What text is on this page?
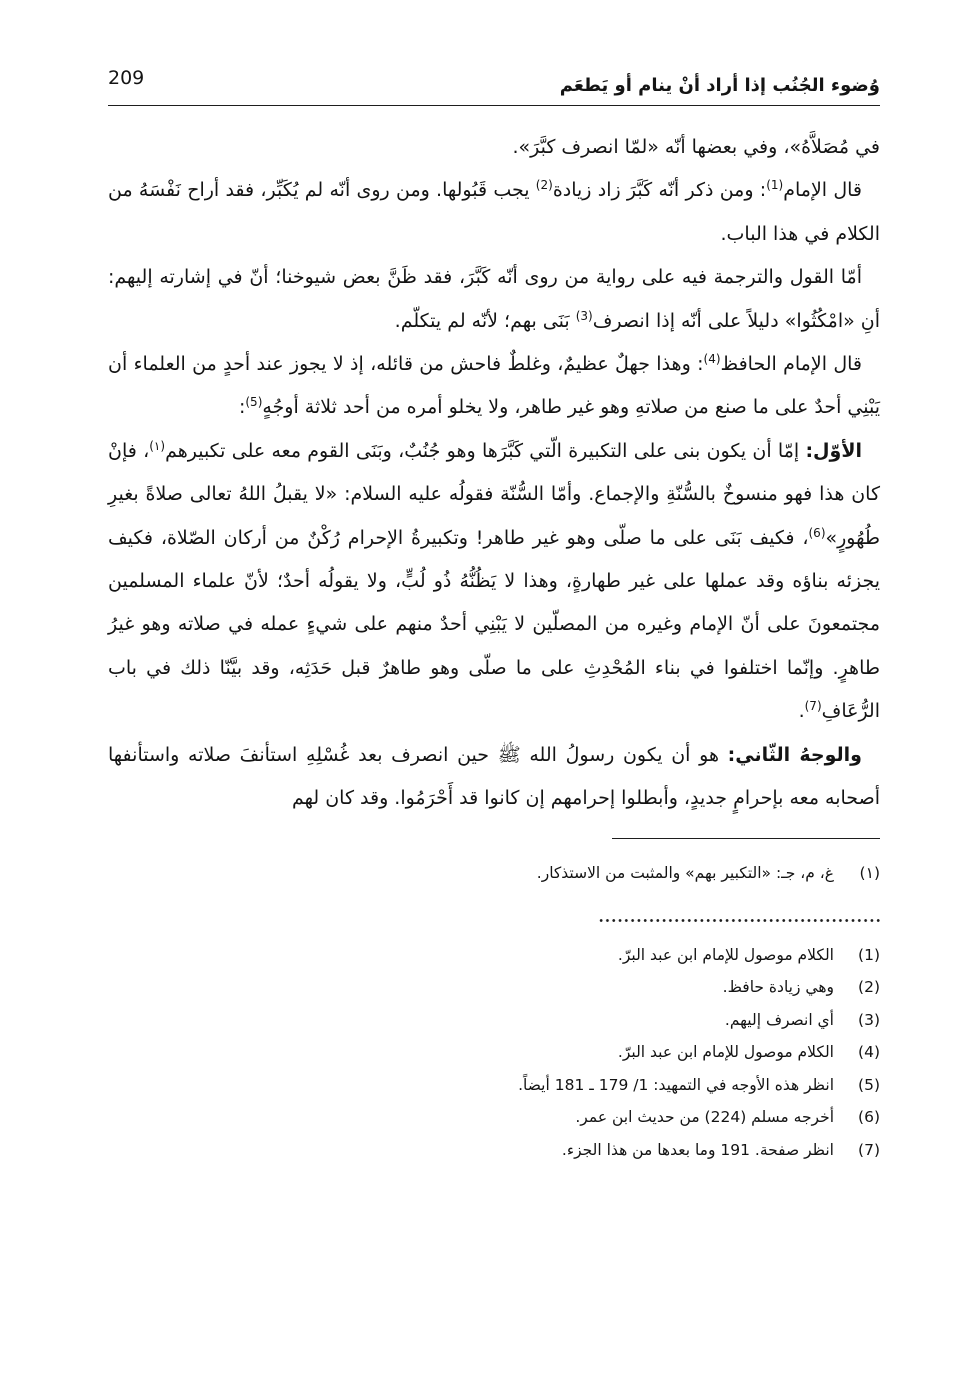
وُضوء الجُنُب إذا أراد أنْ ينام أو يَطعَم
209

في مُصَلاَّهُ»، وفي بعضها أنّه «لمّا انصرف كبَّرَ».

قال الإمام$^{(1)}$: ومن ذكر أنّه كَبَّرَ زاد زيادة$^{(2)}$ يجب قَبُولها. ومن روى أنّه لم يُكَبِّر، فقد أراح نَفْسَهُ من الكلام في هذا الباب.

أمّا القول والترجمة فيه على رواية من روى أنّه كَبَّرَ، فقد ظَنَّ بعض شيوخنا؛ أنّ في إشارته إليهم: أنِ «امْكُثُوا» دليلاً على أنّه إذا انصرف$^{(3)}$ بَنَى بهم؛ لأنّه لم يتكلّم.

قال الإمام الحافظ$^{(4)}$: وهذا جهلٌ عظيمٌ، وغلطٌ فاحش من قائله، إذ لا يجوز عند أحدٍ من العلماء أن يَبْنِي أحدٌ على ما صنع من صلاتهِ وهو غير طاهر، ولا يخلو أمره من أحد ثلاثة أوجُهٍ$^{(5)}$:

الأوّل: إمّا أن يكون بنى على التكبيرة الّتي كَبَّرَها وهو جُنُبٌ، وبَنَى القوم معه على تكبيرهم$^{(١)}$، فإنْ كان هذا فهو منسوخٌ بالسُّنّةِ والإجماع. وأمّا السُّنّة فقولُه عليه السلام: «لا يقبلُ اللهُ تعالى صلاةً بغيرِ طُهُورٍ»$^{(6)}$، فكيف بَنَى على ما صلّى وهو غير طاهر! وتكبيرةُ الإحرام رُكْنٌ من أركان الصّلاة، فكيف يجزئه بناؤه وقد عملها على غير طهارةٍ، وهذا لا يَظُنُّهُ ذُو لُبٍّ، ولا يقولُه أحدٌ؛ لأنّ علماء المسلمين مجتمعونَ على أنّ الإمام وغيره من المصلّين لا يَبْنِي أحدٌ منهم على شيءٍ عمله في صلاته وهو غيرُ طاهرٍ. وإنّما اختلفوا في بناء المُحْدِثِ على ما صلّى وهو طاهرٌ قبل حَدَثِه، وقد بيَّنّا ذلك في باب الرُّعَافِ$^{(7)}$.

والوجهُ الثّاني: هو أن يكون رسولُ الله ﷺ حين انصرف بعد غُسْلِهِ استأنفَ صلاته واستأنفها أصحابه معه بإحرامٍ جديدٍ، وأبطلوا إحرامهم إن كانوا قد أَحْرَمُوا. وقد كان لهم

(١)
غ، م، جـ: «التكبير بهم» والمثبت من الاستذكار.
(1)
الكلام موصول للإمام ابن عبد البرّ.
(2)
وهي زيادة حافظ.
(3)
أي انصرف إليهم.
(4)
الكلام موصول للإمام ابن عبد البرّ.
(5)
انظر هذه الأوجه في التمهيد: 1/ 179 ـ 181 أيضاً.
(6)
أخرجه مسلم (224) من حديث ابن عمر.
(7)
انظر صفحة. 191 وما بعدها من هذا الجزء.
